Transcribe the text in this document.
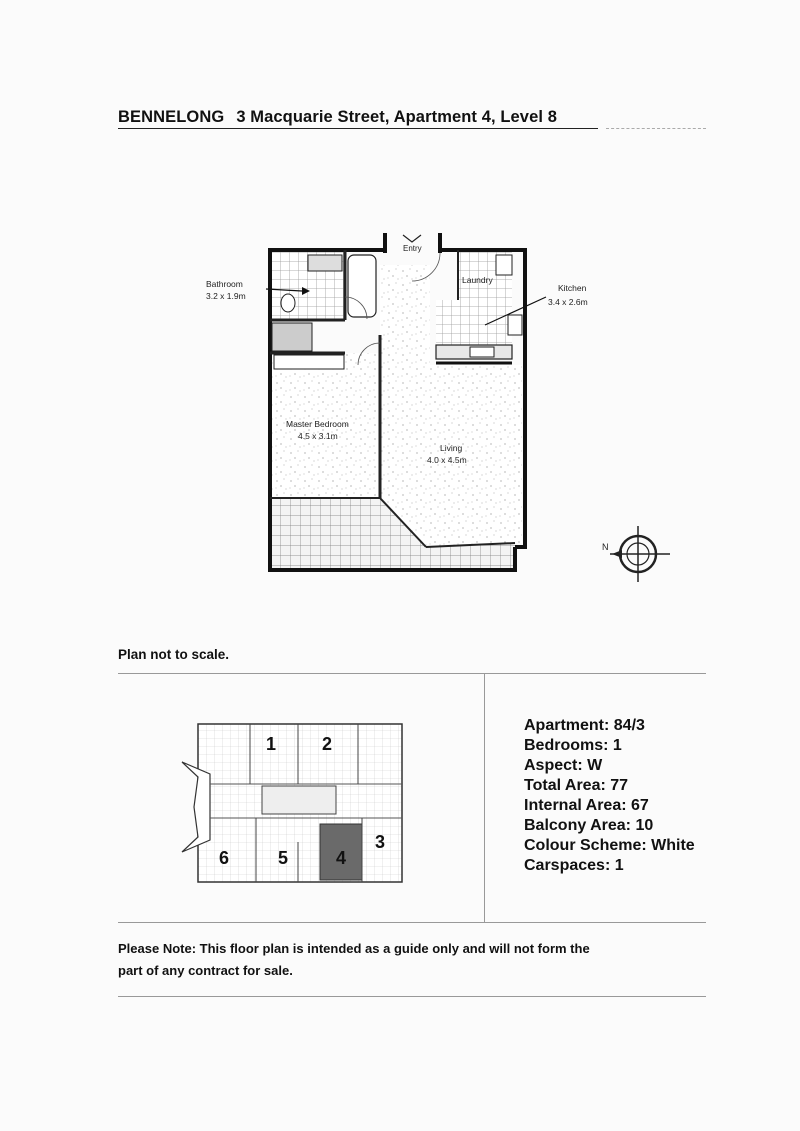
BENNELONG 3 Macquarie Street, Apartment 4, Level 8
Entry
Laundry
Bathroom
3.2 x 1.9m
Kitchen
3.4 x 2.6m
Master Bedroom
4.5 x 3.1m
Living
4.0 x 4.5m
N
Plan not to scale.
1	2
3
4
5
6
Apartment: 84/3
Bedrooms: 1
Aspect: W
Total Area: 77
Internal Area: 67
Balcony Area: 10
Colour Scheme: White
Carspaces: 1
Please Note: This floor plan is intended as a guide only and will not form the
part of any contract for sale.
